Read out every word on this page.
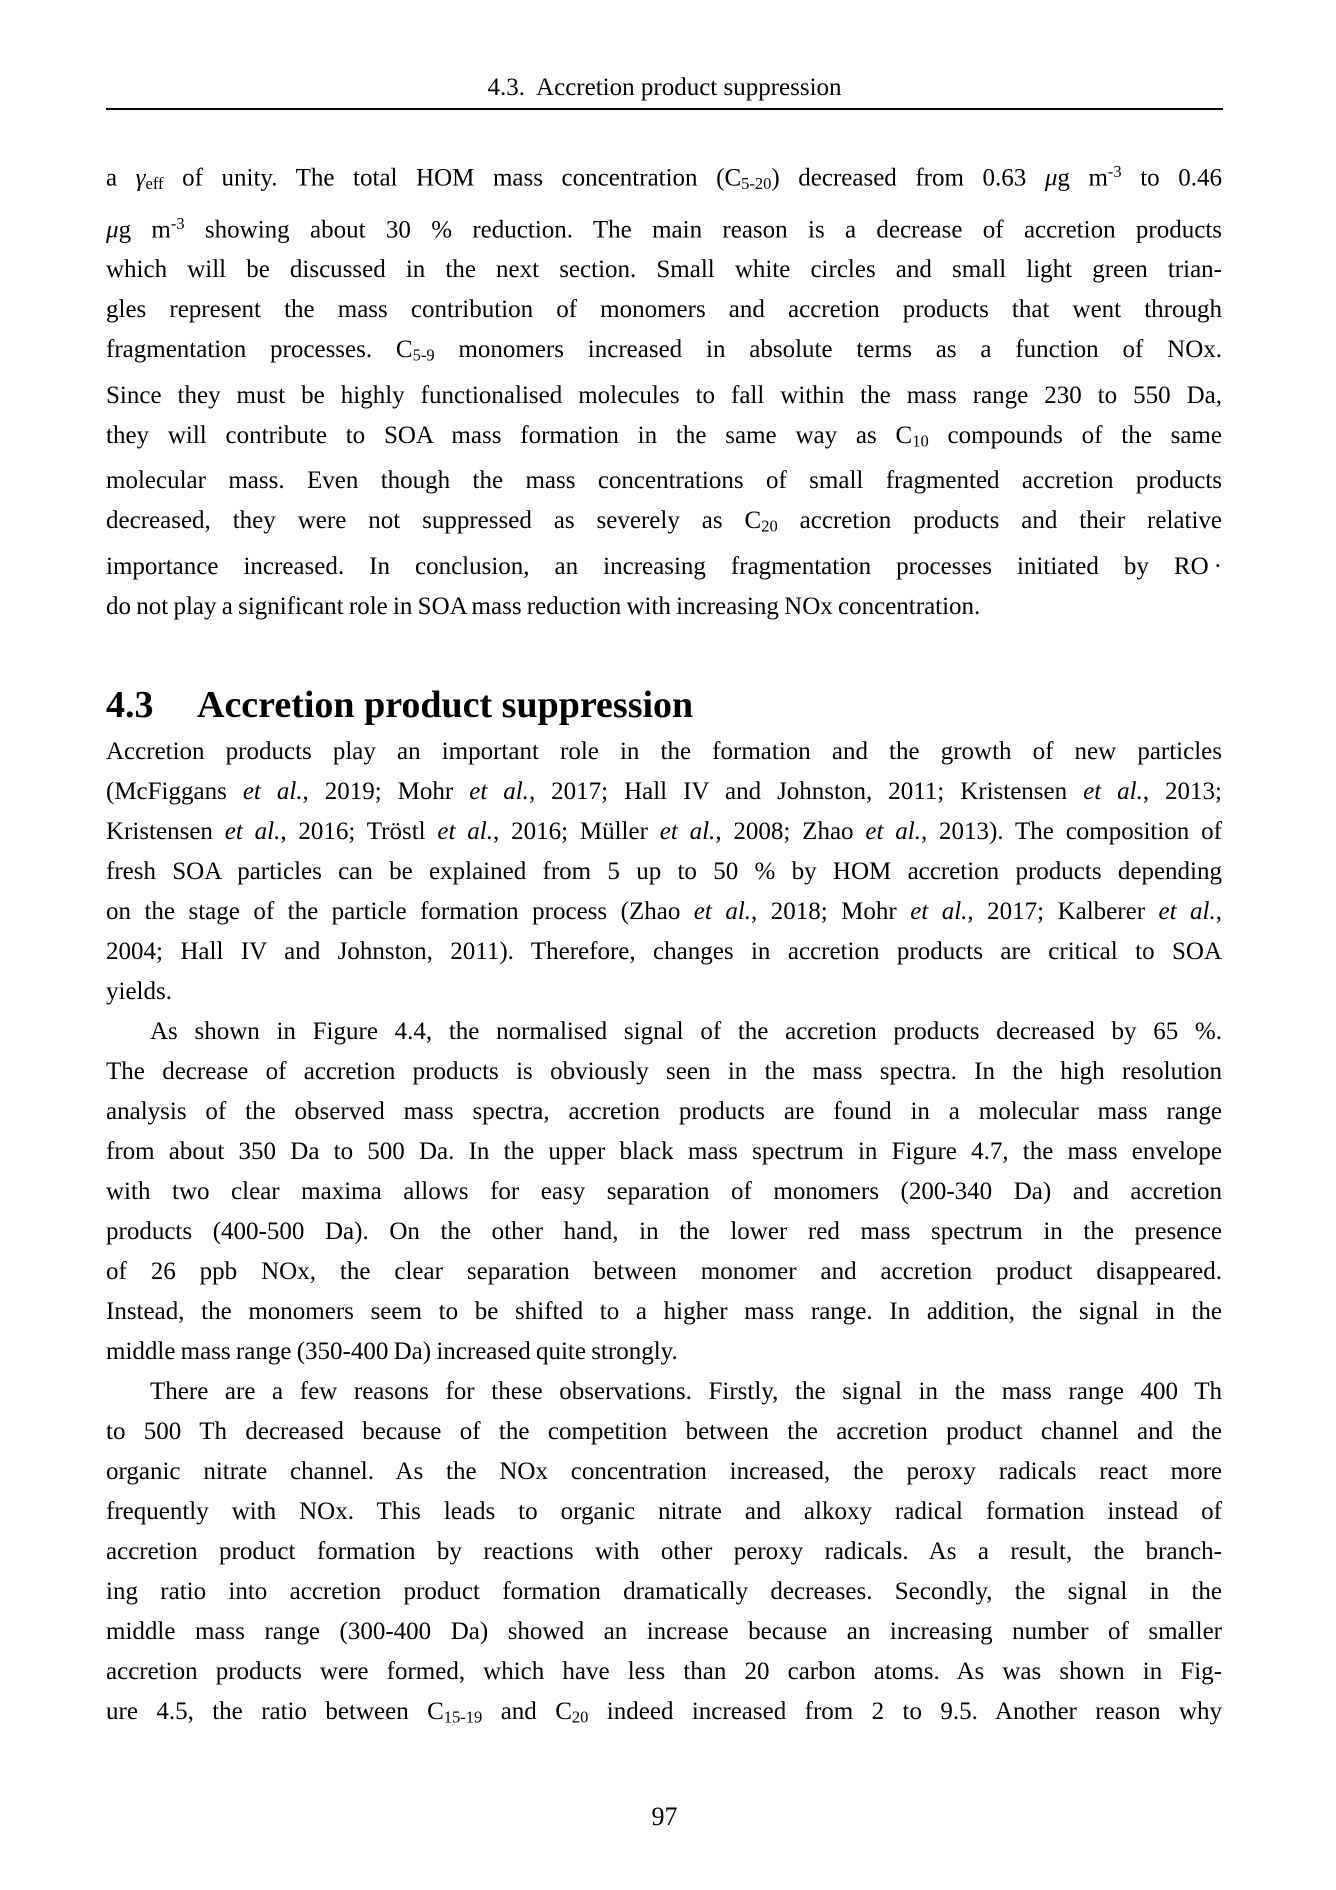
4.3.  Accretion product suppression
a $\gamma_{eff}$ of unity. The total HOM mass concentration $(C_{5-20})$ decreased from 0.63 μg $m^{-3}$ to 0.46
μg $m^{-3}$ showing about 30 % reduction. The main reason is a decrease of accretion products
which will be discussed in the next section. Small white circles and small light green trian-
gles represent the mass contribution of monomers and accretion products that went through
fragmentation processes. $C_{5-9}$ monomers increased in absolute terms as a function of NOx.
Since they must be highly functionalised molecules to fall within the mass range 230 to 550 Da,
they will contribute to SOA mass formation in the same way as $C_{10}$ compounds of the same
molecular mass. Even though the mass concentrations of small fragmented accretion products
decreased, they were not suppressed as severely as $C_{20}$ accretion products and their relative
importance increased. In conclusion, an increasing fragmentation processes initiated by RO ·
do not play a significant role in SOA mass reduction with increasing NOx concentration.
4.3	Accretion product suppression
Accretion products play an important role in the formation and the growth of new particles
(McFiggans et al., 2019; Mohr et al., 2017; Hall IV and Johnston, 2011; Kristensen et al., 2013;
Kristensen et al., 2016; Tröstl et al., 2016; Müller et al., 2008; Zhao et al., 2013). The composition of
fresh SOA particles can be explained from 5 up to 50 % by HOM accretion products depending
on the stage of the particle formation process (Zhao et al., 2018; Mohr et al., 2017; Kalberer et al.,
2004; Hall IV and Johnston, 2011). Therefore, changes in accretion products are critical to SOA
yields.
As shown in Figure 4.4, the normalised signal of the accretion products decreased by 65 %.
The decrease of accretion products is obviously seen in the mass spectra. In the high resolution
analysis of the observed mass spectra, accretion products are found in a molecular mass range
from about 350 Da to 500 Da. In the upper black mass spectrum in Figure 4.7, the mass envelope
with two clear maxima allows for easy separation of monomers (200-340 Da) and accretion
products (400-500 Da). On the other hand, in the lower red mass spectrum in the presence
of 26 ppb NOx, the clear separation between monomer and accretion product disappeared.
Instead, the monomers seem to be shifted to a higher mass range. In addition, the signal in the
middle mass range (350-400 Da) increased quite strongly.
There are a few reasons for these observations. Firstly, the signal in the mass range 400 Th
to 500 Th decreased because of the competition between the accretion product channel and the
organic nitrate channel. As the NOx concentration increased, the peroxy radicals react more
frequently with NOx. This leads to organic nitrate and alkoxy radical formation instead of
accretion product formation by reactions with other peroxy radicals. As a result, the branch-
ing ratio into accretion product formation dramatically decreases. Secondly, the signal in the
middle mass range (300-400 Da) showed an increase because an increasing number of smaller
accretion products were formed, which have less than 20 carbon atoms. As was shown in Fig-
ure 4.5, the ratio between $C_{15-19}$ and $C_{20}$ indeed increased from 2 to 9.5. Another reason why
97
